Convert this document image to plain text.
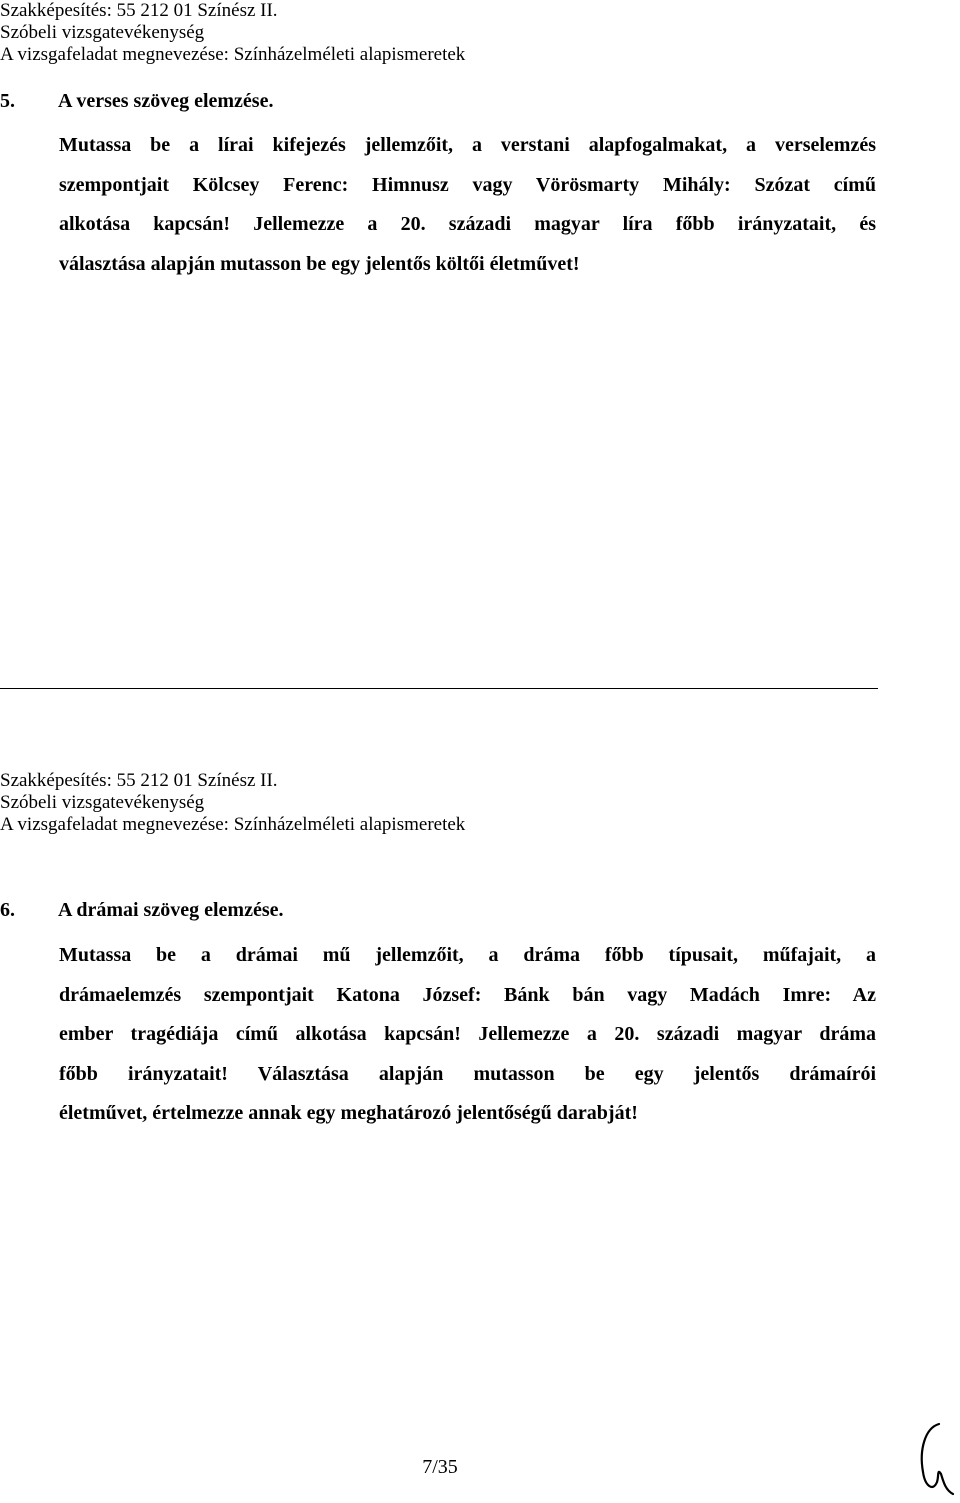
Szakképesítés: 55 212 01 Színész II.
Szóbeli vizsgatevékenység
A vizsgafeladat megnevezése: Színházelméleti alapismeretek
5. A verses szöveg elemzése.
Mutassa be a lírai kifejezés jellemzőit, a verstani alapfogalmakat, a verselemzés
szempontjait Kölcsey Ferenc: Himnusz vagy Vörösmarty Mihály: Szózat című
alkotása kapcsán! Jellemezze a 20. századi magyar líra főbb irányzatait, és
választása alapján mutasson be egy jelentős költői életművet!
Szakképesítés: 55 212 01 Színész II.
Szóbeli vizsgatevékenység
A vizsgafeladat megnevezése: Színházelméleti alapismeretek
6. A drámai szöveg elemzése.
Mutassa be a drámai mű jellemzőit, a dráma főbb típusait, műfajait, a
drámaelemzés szempontjait Katona József: Bánk bán vagy Madách Imre: Az
ember tragédiája című alkotása kapcsán! Jellemezze a 20. századi magyar dráma
főbb irányzatait! Választása alapján mutasson be egy jelentős drámaírói
életművet, értelmezze annak egy meghatározó jelentőségű darabját!
7/35
